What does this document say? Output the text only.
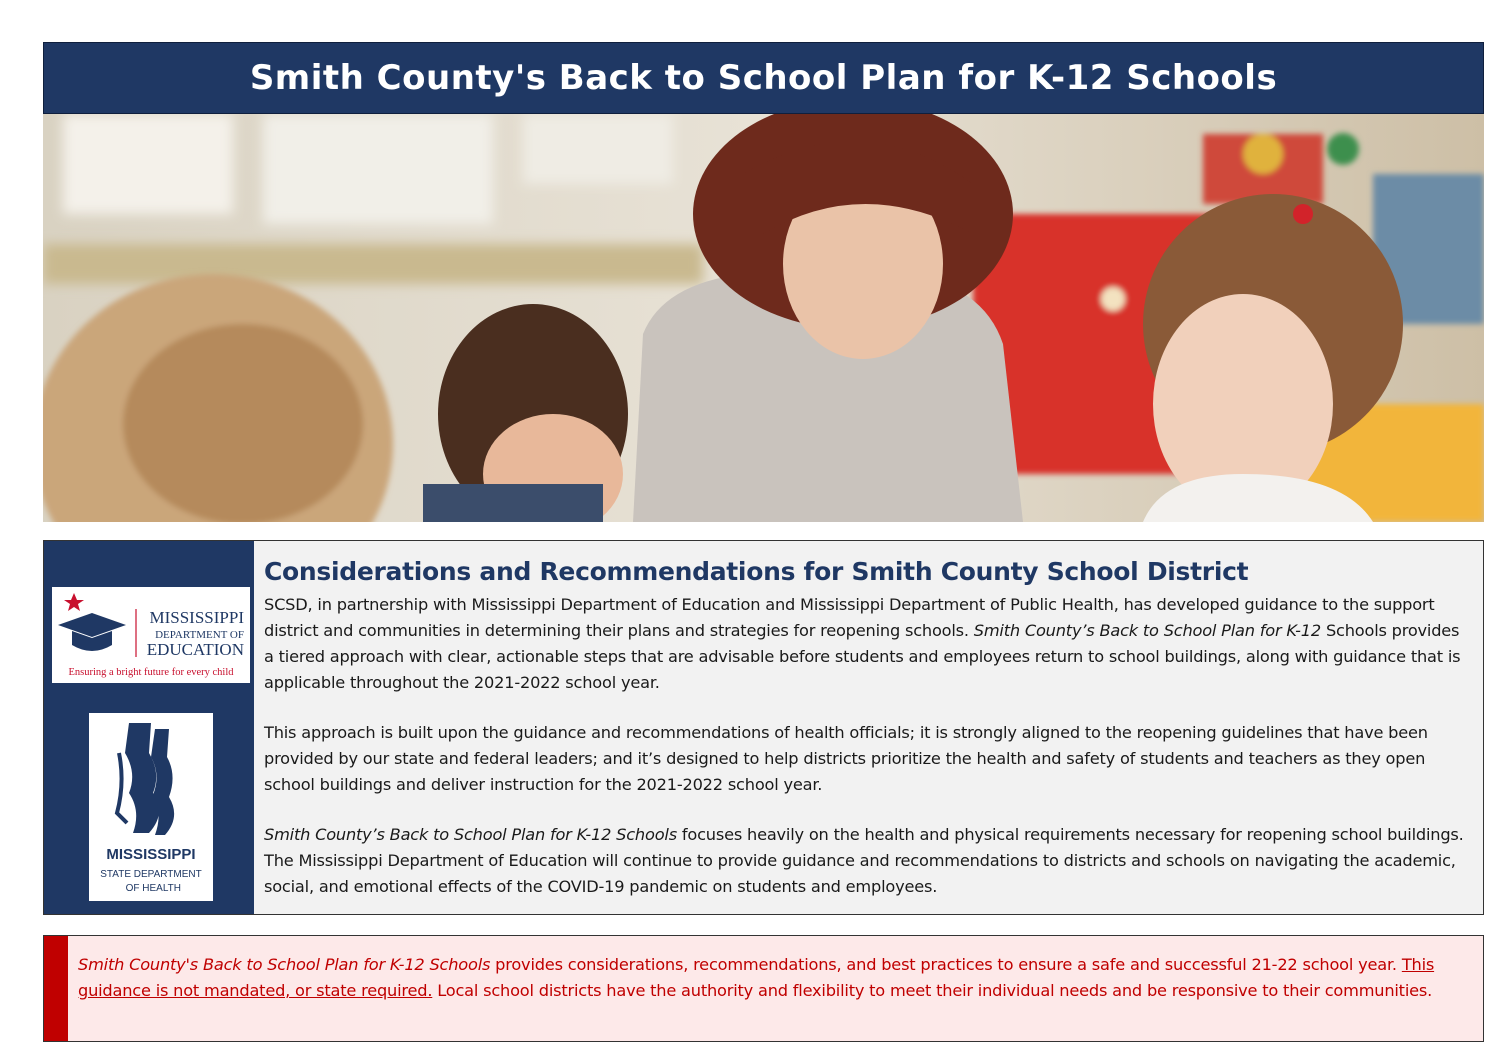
Smith County's Back to School Plan for K-12 Schools
MISSISSIPPI
DEPARTMENT OF
EDUCATION
Ensuring a bright future for every child
MISSISSIPPI
STATE DEPARTMENT
OF HEALTH
Considerations and Recommendations for Smith County School District

SCSD, in partnership with Mississippi Department of Education and Mississippi Department of Public Health, has developed guidance to the support district and communities in determining their plans and strategies for reopening schools. Smith County’s Back to School Plan for K-12 Schools provides a tiered approach with clear, actionable steps that are advisable before students and employees return to school buildings, along with guidance that is applicable throughout the 2021-2022 school year.

This approach is built upon the guidance and recommendations of health officials; it is strongly aligned to the reopening guidelines that have been provided by our state and federal leaders; and it’s designed to help districts prioritize the health and safety of students and teachers as they open school buildings and deliver instruction for the 2021-2022 school year.

Smith County’s Back to School Plan for K-12 Schools focuses heavily on the health and physical requirements necessary for reopening school buildings. The Mississippi Department of Education will continue to provide guidance and recommendations to districts and schools on navigating the academic, social, and emotional effects of the COVID-19 pandemic on students and employees.

Smith County's Back to School Plan for K-12 Schools provides considerations, recommendations, and best practices to ensure a safe and successful 21-22 school year. This guidance is not mandated, or state required. Local school districts have the authority and flexibility to meet their individual needs and be responsive to their communities.
